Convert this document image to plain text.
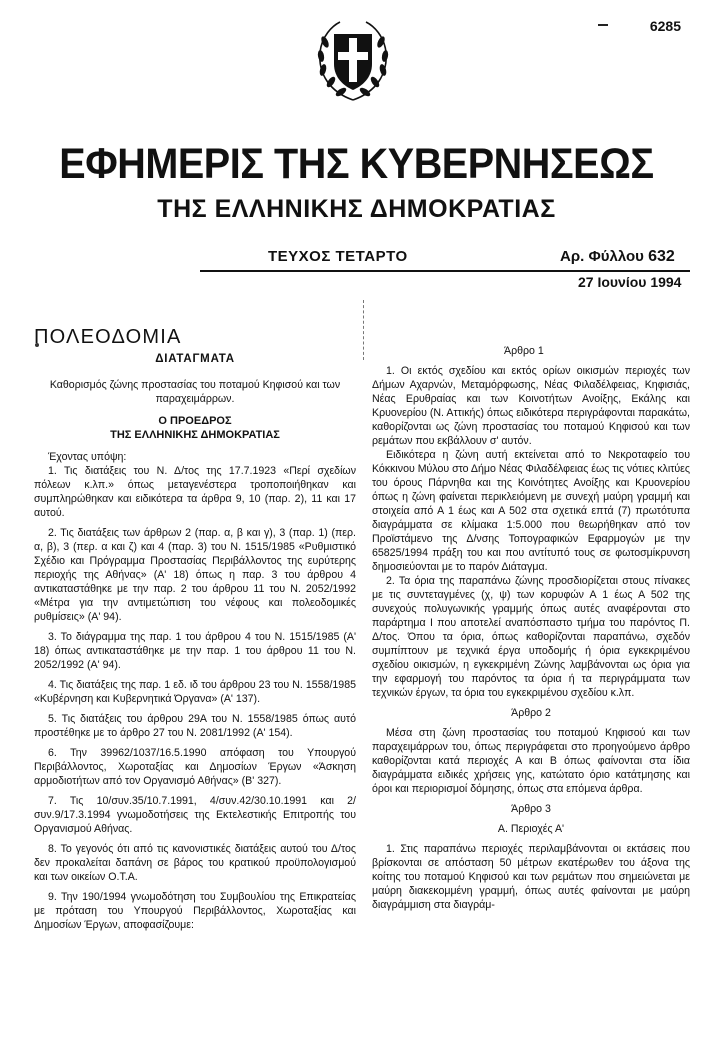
6285
ΕΦΗΜΕΡΙΣ ΤΗΣ ΚΥΒΕΡΝΗΣΕΩΣ
ΤΗΣ ΕΛΛΗΝΙΚΗΣ ΔΗΜΟΚΡΑΤΙΑΣ
ΤΕΥΧΟΣ ΤΕΤΑΡΤΟ	Αρ. Φύλλου 632
27 Ιουνίου 1994

ΠΟΛΕΟΔΟΜΙΑ

ΔΙΑΤΑΓΜΑΤΑ

Καθορισμός ζώνης προστασίας του ποταμού Κηφισού και των παραχειμάρρων.

Ο ΠΡΟΕΔΡΟΣ

ΤΗΣ ΕΛΛΗΝΙΚΗΣ ΔΗΜΟΚΡΑΤΙΑΣ

Έχοντας υπόψη:

1. Τις διατάξεις του Ν. Δ/τος της 17.7.1923 «Περί σχεδίων πόλεων κ.λπ.» όπως μεταγενέστερα τροποποιήθηκαν και συμπληρώθηκαν και ειδικότερα τα άρθρα 9, 10 (παρ. 2), 11 και 17 αυτού.

2. Τις διατάξεις των άρθρων 2 (παρ. α, β και γ), 3 (παρ. 1) (περ. α, β), 3 (περ. α και ζ) και 4 (παρ. 3) του Ν. 1515/1985 «Ρυθμιστικό Σχέδιο και Πρόγραμμα Προστασίας Περιβάλλοντος της ευρύτερης περιοχής της Αθήνας» (Α' 18) όπως η παρ. 3 του άρθρου 4 αντικαταστάθηκε με την παρ. 2 του άρθρου 11 του Ν. 2052/1992 «Μέτρα για την αντιμετώπιση του νέφους και πολεοδομικές ρυθμίσεις» (Α' 94).

3. Το διάγραμμα της παρ. 1 του άρθρου 4 του Ν. 1515/1985 (Α' 18) όπως αντικαταστάθηκε με την παρ. 1 του άρθρου 11 του Ν. 2052/1992 (Α' 94).

4. Τις διατάξεις της παρ. 1 εδ. ιδ του άρθρου 23 του Ν. 1558/1985 «Κυβέρνηση και Κυβερνητικά Όργανα» (Α' 137).

5. Τις διατάξεις του άρθρου 29Α του Ν. 1558/1985 όπως αυτό προστέθηκε με το άρθρο 27 του Ν. 2081/1992 (Α' 154).

6. Την 39962/1037/16.5.1990 απόφαση του Υπουργού Περιβάλλοντος, Χωροταξίας και Δημοσίων Έργων «Άσκηση αρμοδιοτήτων από τον Οργανισμό Αθήνας» (Β' 327).

7. Τις 10/συν.35/10.7.1991, 4/συν.42/30.10.1991 και 2/συν.9/17.3.1994 γνωμοδοτήσεις της Εκτελεστικής Επιτροπής του Οργανισμού Αθήνας.

8. Το γεγονός ότι από τις κανονιστικές διατάξεις αυτού του Δ/τος δεν προκαλείται δαπάνη σε βάρος του κρατικού προϋπολογισμού και των οικείων Ο.Τ.Α.

9. Την 190/1994 γνωμοδότηση του Συμβουλίου της Επικρατείας με πρόταση του Υπουργού Περιβάλλοντος, Χωροταξίας και Δημοσίων Έργων, αποφασίζουμε:

Άρθρο 1

1. Οι εκτός σχεδίου και εκτός ορίων οικισμών περιοχές των Δήμων Αχαρνών, Μεταμόρφωσης, Νέας Φιλαδέλφειας, Κηφισιάς, Νέας Ερυθραίας και των Κοινοτήτων Ανοίξης, Εκάλης και Κρυονερίου (Ν. Αττικής) όπως ειδικότερα περιγράφονται παρακάτω, καθορίζονται ως ζώνη προστασίας του ποταμού Κηφισού και των ρεμάτων που εκβάλλουν σ' αυτόν.

Ειδικότερα η ζώνη αυτή εκτείνεται από το Νεκροταφείο του Κόκκινου Μύλου στο Δήμο Νέας Φιλαδέλφειας έως τις νότιες κλιτύες του όρους Πάρνηθα και της Κοινότητες Ανοίξης και Κρυονερίου όπως η ζώνη φαίνεται περικλειόμενη με συνεχή μαύρη γραμμή και στοιχεία από Α 1 έως και Α 502 στα σχετικά επτά (7) πρωτότυπα διαγράμματα σε κλίμακα 1:5.000 που θεωρήθηκαν από τον Προϊστάμενο της Δ/νσης Τοπογραφικών Εφαρμογών με την 65825/1994 πράξη του και που αντίτυπό τους σε φωτοσμίκρυνση δημοσιεύονται με το παρόν Διάταγμα.

2. Τα όρια της παραπάνω ζώνης προσδιορίζεται στους πίνακες με τις συντεταγμένες (χ, ψ) των κορυφών Α 1 έως Α 502 της συνεχούς πολυγωνικής γραμμής όπως αυτές αναφέρονται στο παράρτημα Ι που αποτελεί αναπόσπαστο τμήμα του παρόντος Π. Δ/τος. Όπου τα όρια, όπως καθορίζονται παραπάνω, σχεδόν συμπίπτουν με τεχνικά έργα υποδομής ή όρια εγκεκριμένου σχεδίου οικισμών, η εγκεκριμένη Ζώνης λαμβάνονται ως όρια για την εφαρμογή του παρόντος τα όρια ή τα περιγράμματα των τεχνικών έργων, τα όρια του εγκεκριμένου σχεδίου κ.λπ.

Άρθρο 2

Μέσα στη ζώνη προστασίας του ποταμού Κηφισού και των παραχειμάρρων του, όπως περιγράφεται στο προηγούμενο άρθρο καθορίζονται κατά περιοχές Α και Β όπως φαίνονται στα ίδια διαγράμματα ειδικές χρήσεις γης, κατώτατο όριο κατάτμησης και όροι και περιορισμοί δόμησης, όπως στα επόμενα άρθρα.

Άρθρο 3

Α. Περιοχές Α'

1. Στις παραπάνω περιοχές περιλαμβάνονται οι εκτάσεις που βρίσκονται σε απόσταση 50 μέτρων εκατέρωθεν του άξονα της κοίτης του ποταμού Κηφισού και των ρεμάτων που σημειώνεται με μαύρη διακεκομμένη γραμμή, όπως αυτές φαίνονται με μαύρη διαγράμμιση στα διαγράμ-
